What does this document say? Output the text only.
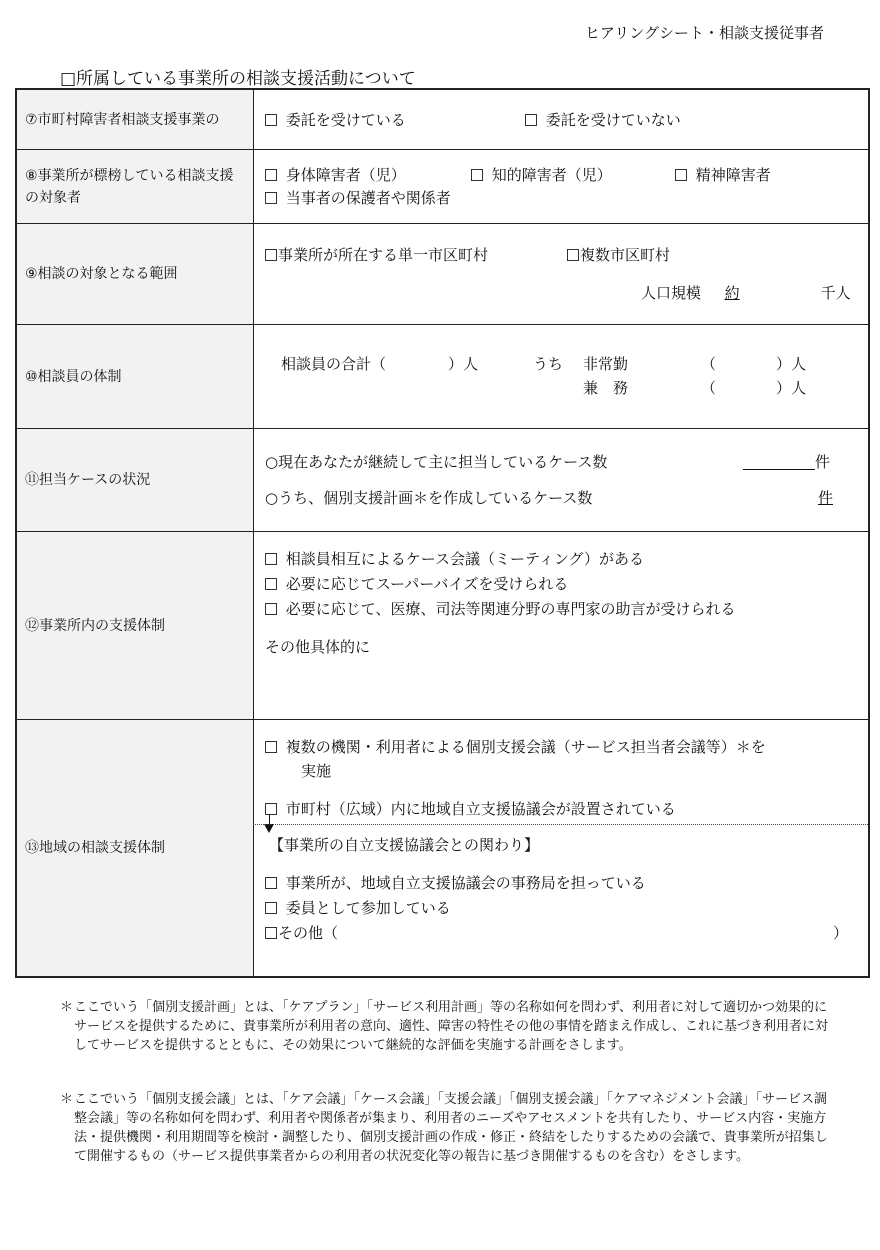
ヒアリングシート・相談支援従事者
□所属している事業所の相談支援活動について
⑦市町村障害者相談支援事業の	委託を受けている	委託を受けていない
⑧事業所が標榜している相談支援の対象者
身体障害者（児）	知的障害者（児）	精神障害者
当事者の保護者や関係者
⑨相談の対象となる範囲
事業所が所在する単一市区町村	複数市区町村
人口規模 約	千人
⑩相談員の体制
相談員の合計（	）人	うち 非常勤	（　　　　）人
兼　務	（　　　　）人
⑪担当ケースの状況
○現在あなたが継続して主に担当しているケース数	件
○うち、個別支援計画＊を作成しているケース数	件
⑫事業所内の支援体制
相談員相互によるケース会議（ミーティング）がある
必要に応じてスーパーバイズを受けられる
必要に応じて、医療、司法等関連分野の専門家の助言が受けられる
その他具体的に
⑬地域の相談支援体制
複数の機関・利用者による個別支援会議（サービス担当者会議等）＊を
実施
市町村（広域）内に地域自立支援協議会が設置されている
【事業所の自立支援協議会との関わり】
事業所が、地域自立支援協議会の事務局を担っている
委員として参加している
その他（	）
＊ ここでいう「個別支援計画」とは、「ケアプラン」「サービス利用計画」等の名称如何を問わず、利用者に対して適切かつ効果的にサービスを提供するために、貴事業所が利用者の意向、適性、障害の特性その他の事情を踏まえ作成し、これに基づき利用者に対してサービスを提供するとともに、その効果について継続的な評価を実施する計画をさします。
＊ ここでいう「個別支援会議」とは、「ケア会議」「ケース会議」「支援会議」「個別支援会議」「ケアマネジメント会議」「サービス調整会議」等の名称如何を問わず、利用者や関係者が集まり、利用者のニーズやアセスメントを共有したり、サービス内容・実施方法・提供機関・利用期間等を検討・調整したり、個別支援計画の作成・修正・終結をしたりするための会議で、貴事業所が招集して開催するもの（サービス提供事業者からの利用者の状況変化等の報告に基づき開催するものを含む）をさします。
